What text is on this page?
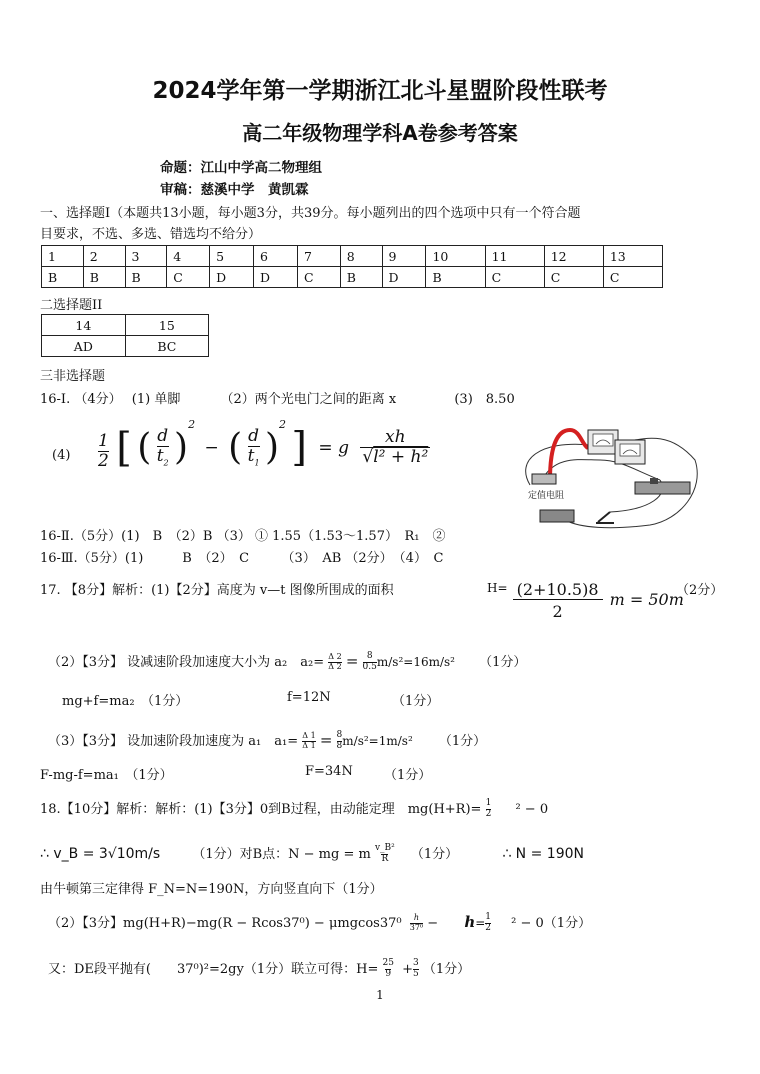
2024学年第一学期浙江北斗星盟阶段性联考
高二年级物理学科A卷参考答案
命题：江山中学高二物理组
审稿：慈溪中学　黄凯霖
一、选择题Ⅰ（本题共13小题，每小题3分，共39分。每小题列出的四个选项中只有一个符合题
目要求，不选、多选、错选均不给分）
1	2	3	4	5	6	7	8	9	10	11	12	13
B	B	B	C	D	D	C	B	D	B	C	C	C
二选择题II
14	15
AD	BC
三非选择题
16-Ⅰ. （4分） (1) 单脚	（2）两个光电门之间的距离 x	(3)　8.50
$(4) \frac{1}{2}$ [ ( $\frac{d}{t_2} )^2$ − ( $\frac{d}{t_1} )^2$ ] = g $\frac{xh}{\text{√l² + h²}}$
定值电阻
16-Ⅱ.（5分）(1)　B　（2）B （3） ① 1.55（1.53～1.57）　R₁　②
16-Ⅲ.（5分）(1)　　　B　（2）　C　　　（3）　AB （2分）　（4）　C
17. 【8分】解析：(1)【2分】高度为 v—t 图像所围成的面积	$^{H=} \frac{(2+10.5)8}{2}$ m = 50m
（2分）
（2）【3分】 设减速阶段加速度大小为 a₂　$a_2= \frac{\Delta 2}{\Delta 2} = \frac{8}{0.5} m/s^2=16m/s^2$ （1分）
mg+f=ma₂　（1分）	f=12N	（1分）
（3）【3分】 设加速阶段加速度为 a₁　$a_1= \frac{\Delta 1}{\Delta 1} = \frac{8}{8} m/s^2=1m/s^2$ （1分）
F-mg-f=ma₁　（1分）	F=34N （1分）
18.【10分】解析：解析：(1)【3分】0到B过程，由动能定理　$mg(H+R)= \frac{1}{2} ^2 - 0$
∴ v_B = 3√10m/s （1分）对B点：N − mg = m $\frac{\text{v\_B²}}{R} (1$分）	∴ N = 190N
由牛顿第三定律得 F_N=N=190N，方向竖直向下（1分）
（2）【3分】$mg(H+R)-mg(R - Rcos37^0) - \mu mgcos37^0 \frac{h}{\text{37⁰}} - h= \frac{1}{2} ^2 - 0(1$分）
又：DE段平抛有(　　37⁰)²=2gy（1分）联立可得：$H= \frac{25}{9} + \frac{3}{5} (1$分）
1
